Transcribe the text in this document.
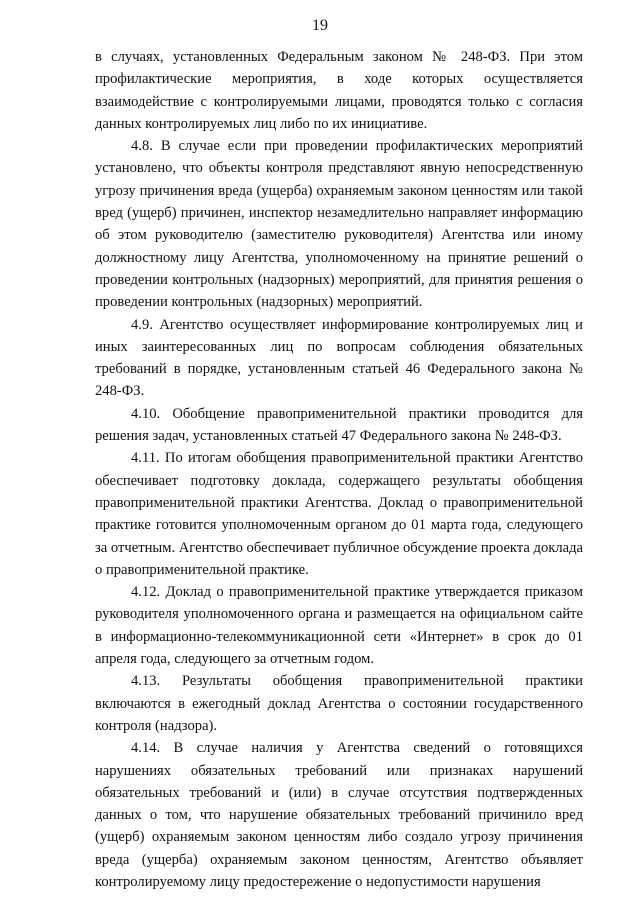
19

в случаях, установленных Федеральным законом № 248-ФЗ. При этом профилактические мероприятия, в ходе которых осуществляется взаимодействие с контролируемыми лицами, проводятся только с согласия данных контролируемых лиц либо по их инициативе.

4.8. В случае если при проведении профилактических мероприятий установлено, что объекты контроля представляют явную непосредственную угрозу причинения вреда (ущерба) охраняемым законом ценностям или такой вред (ущерб) причинен, инспектор незамедлительно направляет информацию об этом руководителю (заместителю руководителя) Агентства или иному должностному лицу Агентства, уполномоченному на принятие решений о проведении контрольных (надзорных) мероприятий, для принятия решения о проведении контрольных (надзорных) мероприятий.

4.9. Агентство осуществляет информирование контролируемых лиц и иных заинтересованных лиц по вопросам соблюдения обязательных требований в порядке, установленным статьей 46 Федерального закона № 248-ФЗ.

4.10. Обобщение правоприменительной практики проводится для решения задач, установленных статьей 47 Федерального закона № 248-ФЗ.

4.11. По итогам обобщения правоприменительной практики Агентство обеспечивает подготовку доклада, содержащего результаты обобщения правоприменительной практики Агентства. Доклад о правоприменительной практике готовится уполномоченным органом до 01 марта года, следующего за отчетным. Агентство обеспечивает публичное обсуждение проекта доклада о правоприменительной практике.

4.12. Доклад о правоприменительной практике утверждается приказом руководителя уполномоченного органа и размещается на официальном сайте в информационно-телекоммуникационной сети «Интернет» в срок до 01 апреля года, следующего за отчетным годом.

4.13. Результаты обобщения правоприменительной практики включаются в ежегодный доклад Агентства о состоянии государственного контроля (надзора).

4.14. В случае наличия у Агентства сведений о готовящихся нарушениях обязательных требований или признаках нарушений обязательных требований и (или) в случае отсутствия подтвержденных данных о том, что нарушение обязательных требований причинило вред (ущерб) охраняемым законом ценностям либо создало угрозу причинения вреда (ущерба) охраняемым законом ценностям, Агентство объявляет контролируемому лицу предостережение о недопустимости нарушения
